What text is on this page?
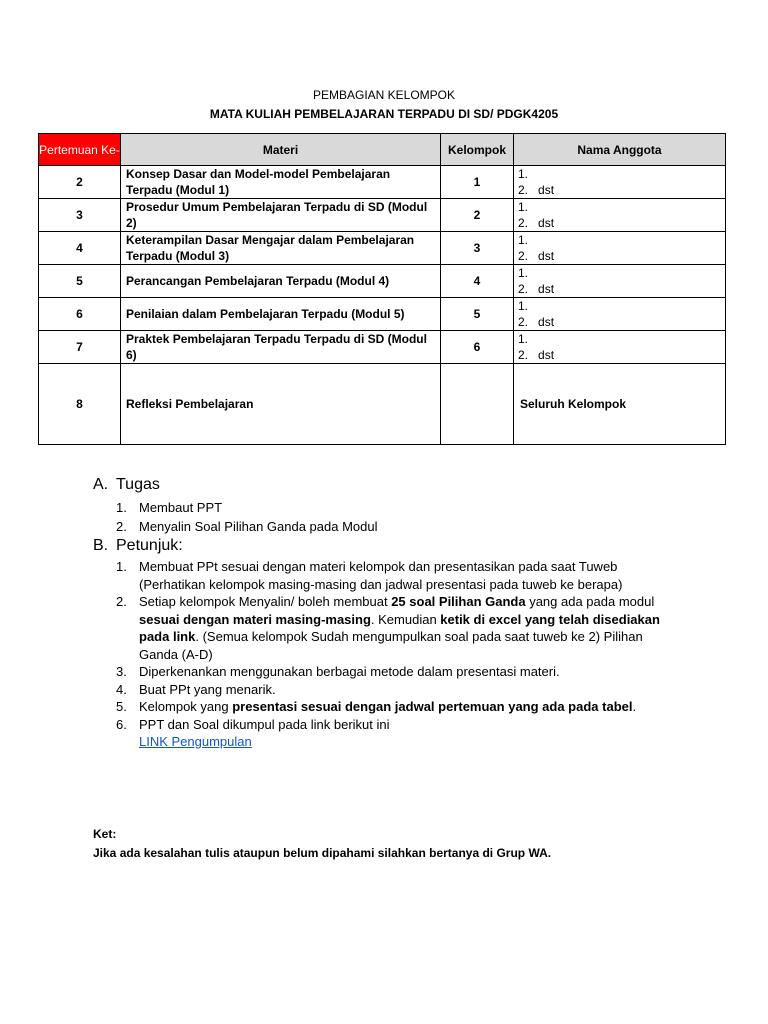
PEMBAGIAN KELOMPOK
MATA KULIAH PEMBELAJARAN TERPADU DI SD/ PDGK4205
Pertemuan Ke-	Materi	Kelompok	Nama Anggota
2	Konsep Dasar dan Model-model Pembelajaran Terpadu (Modul 1)	1	1.
2. dst

3	Prosedur Umum Pembelajaran Terpadu di SD (Modul 2)	2	1.
2. dst

4	Keterampilan Dasar Mengajar dalam Pembelajaran Terpadu (Modul 3)	3	1.
2. dst

5	Perancangan Pembelajaran Terpadu (Modul 4)	4	1.
2. dst

6	Penilaian dalam Pembelajaran Terpadu (Modul 5)	5	1.
2. dst

7	Praktek Pembelajaran Terpadu Terpadu di SD (Modul 6)	6	1.
2. dst

8	Refleksi Pembelajaran		Seluruh Kelompok
A. Tugas
1. Membaut PPT
2. Menyalin Soal Pilihan Ganda pada Modul
B. Petunjuk:
1. Membuat PPt sesuai dengan materi kelompok dan presentasikan pada saat Tuweb (Perhatikan kelompok masing-masing dan jadwal presentasi pada tuweb ke berapa)
2. Setiap kelompok Menyalin/ boleh membuat 25 soal Pilihan Ganda yang ada pada modul sesuai dengan materi masing-masing. Kemudian ketik di excel yang telah disediakan pada link. (Semua kelompok Sudah mengumpulkan soal pada saat tuweb ke 2) Pilihan Ganda (A-D)
3. Diperkenankan menggunakan berbagai metode dalam presentasi materi.
4. Buat PPt yang menarik.
5. Kelompok yang presentasi sesuai dengan jadwal pertemuan yang ada pada tabel.
6. PPT dan Soal dikumpul pada link berikut ini
LINK Pengumpulan
Ket:
Jika ada kesalahan tulis ataupun belum dipahami silahkan bertanya di Grup WA.
